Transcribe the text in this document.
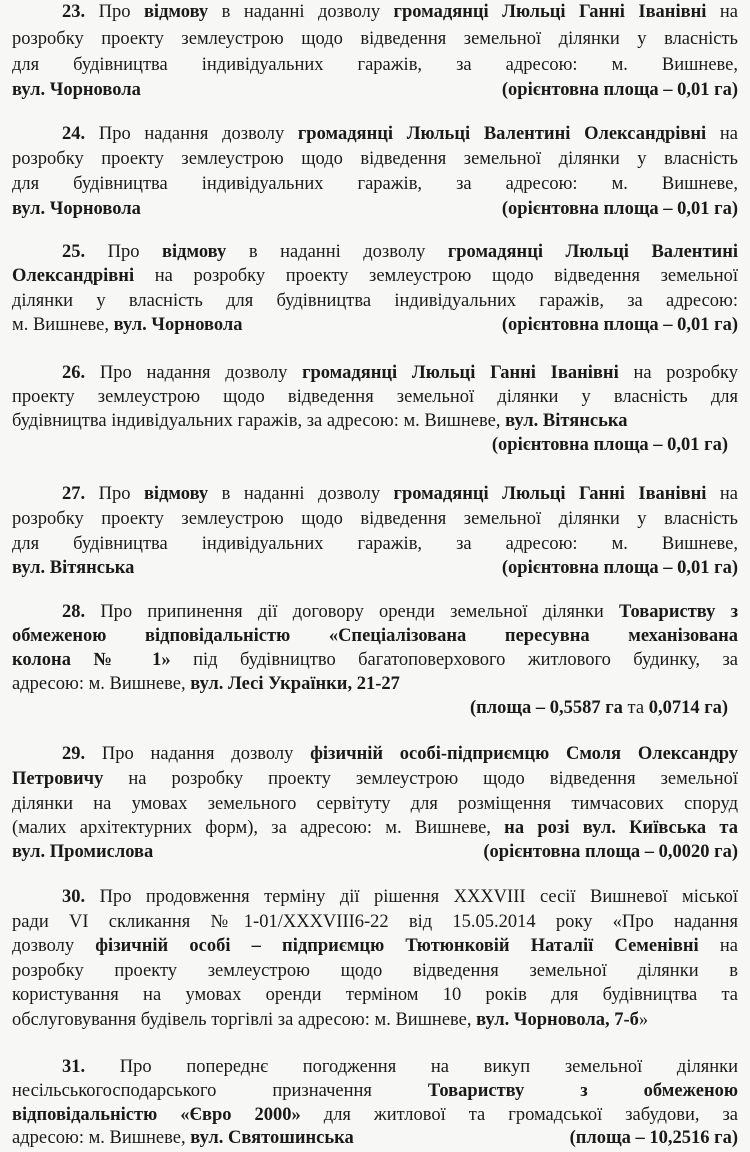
23. Про відмову в наданні дозволу громадянці Люльці Ганні Іванівні на
розробку проекту землеустрою щодо відведення земельної ділянки у власність
для будівництва індивідуальних гаражів, за адресою: м. Вишневе,
вул. Чорновола	(орієнтовна площа – 0,01 га)
24. Про надання дозволу громадянці Люльці Валентині Олександрівні на
розробку проекту землеустрою щодо відведення земельної ділянки у власність
для будівництва індивідуальних гаражів, за адресою: м. Вишневе,
вул. Чорновола	(орієнтовна площа – 0,01 га)
25. Про відмову в наданні дозволу громадянці Люльці Валентині
Олександрівні на розробку проекту землеустрою щодо відведення земельної
ділянки у власність для будівництва індивідуальних гаражів, за адресою:
м. Вишневе, вул. Чорновола	(орієнтовна площа – 0,01 га)
26. Про надання дозволу громадянці Люльці Ганні Іванівні на розробку
проекту землеустрою щодо відведення земельної ділянки у власність для
будівництва індивідуальних гаражів, за адресою: м. Вишневе, вул. Вітянська
(орієнтовна площа – 0,01 га)
27. Про відмову в наданні дозволу громадянці Люльці Ганні Іванівні на
розробку проекту землеустрою щодо відведення земельної ділянки у власність
для будівництва індивідуальних гаражів, за адресою: м. Вишневе,
вул. Вітянська	(орієнтовна площа – 0,01 га)
28. Про припинення дії договору оренди земельної ділянки Товариству з
обмеженою відповідальністю «Спеціалізована пересувна механізована
колона № 1» під будівництво багатоповерхового житлового будинку, за
адресою: м. Вишневе, вул. Лесі Українки, 21-27
(площа – 0,5587 га та 0,0714 га)
29. Про надання дозволу фізичній особі-підприємцю Смоля Олександру
Петровичу на розробку проекту землеустрою щодо відведення земельної
ділянки на умовах земельного сервітуту для розміщення тимчасових споруд
(малих архітектурних форм), за адресою: м. Вишневе, на розі вул. Київська та
вул. Промислова	(орієнтовна площа – 0,0020 га)
30. Про продовження терміну дії рішення XXXVIII сесії Вишневої міської
ради VI скликання №1-01/XXXVIII6-22 від 15.05.2014 року «Про надання
дозволу фізичній особі – підприємцю Тютюнковій Наталії Семенівні на
розробку проекту землеустрою щодо відведення земельної ділянки в
користування на умовах оренди терміном 10 років для будівництва та
обслуговування будівель торгівлі за адресою: м. Вишневе, вул. Чорновола, 7-б»
31. Про попереднє погодження на викуп земельної ділянки
несільськогосподарського призначення Товариству з обмеженою
відповідальністю «Євро 2000» для житлової та громадської забудови, за
адресою: м. Вишневе, вул. Святошинська	(площа – 10,2516 га)
